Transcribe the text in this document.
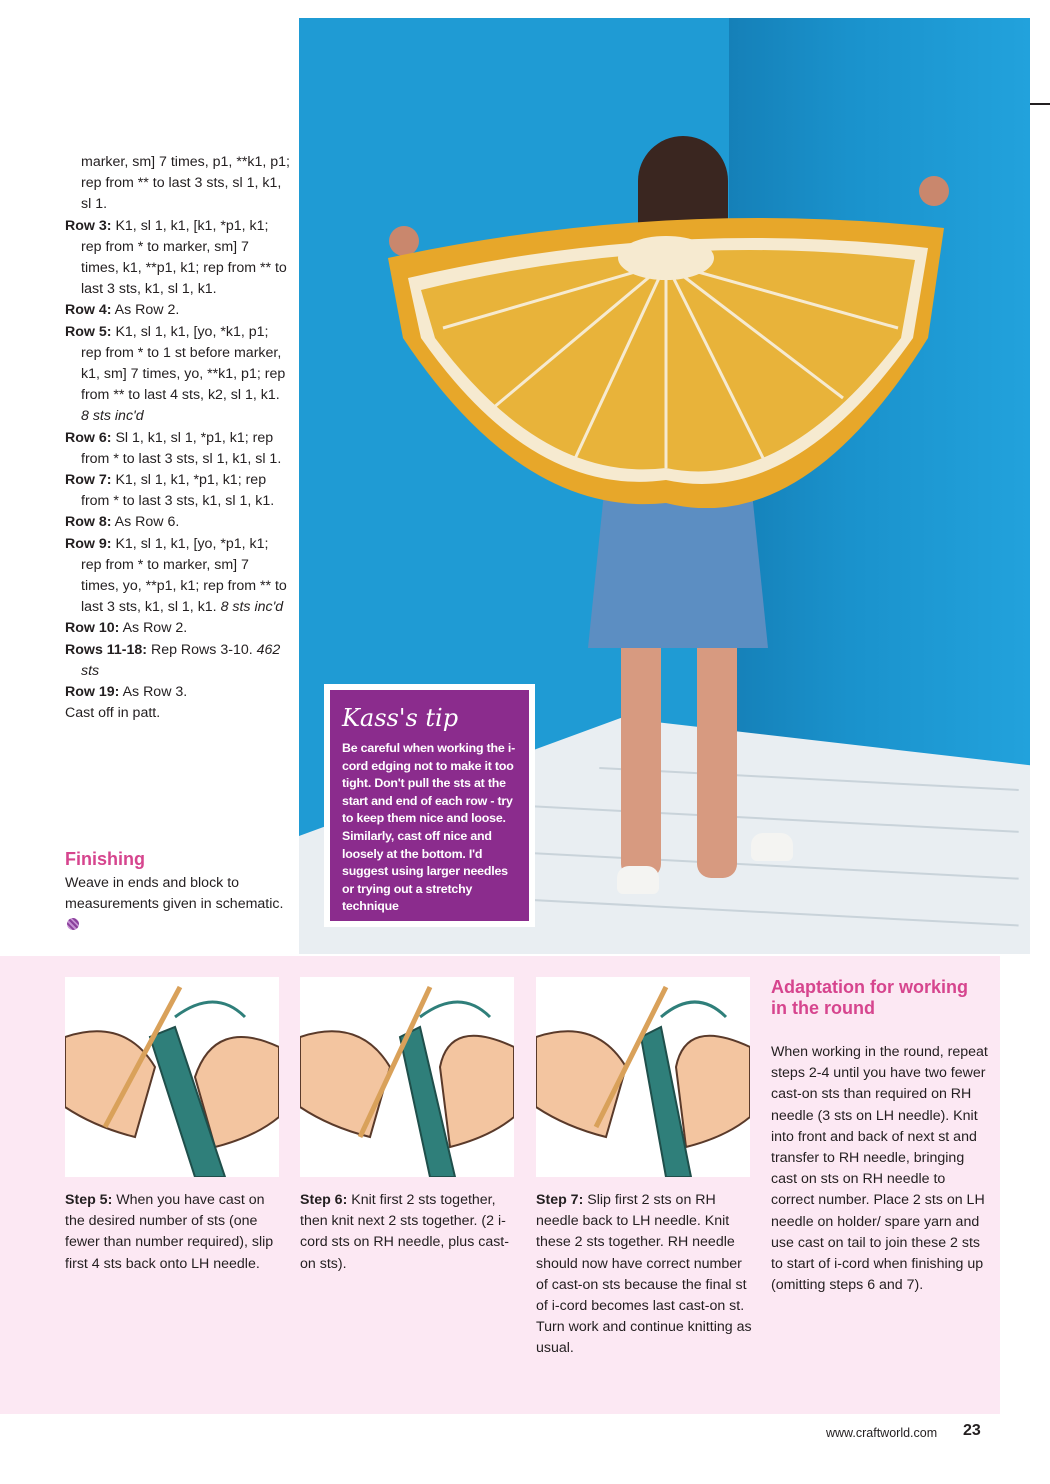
marker, sm] 7 times, p1, **k1, p1; rep from ** to last 3 sts, sl 1, k1, sl 1.
Row 3: K1, sl 1, k1, [k1, *p1, k1; rep from * to marker, sm] 7 times, k1, **p1, k1; rep from ** to last 3 sts, k1, sl 1, k1.
Row 4: As Row 2.
Row 5: K1, sl 1, k1, [yo, *k1, p1; rep from * to 1 st before marker, k1, sm] 7 times, yo, **k1, p1; rep from ** to last 4 sts, k2, sl 1, k1. 8 sts inc'd
Row 6: Sl 1, k1, sl 1, *p1, k1; rep from * to last 3 sts, sl 1, k1, sl 1.
Row 7: K1, sl 1, k1, *p1, k1; rep from * to last 3 sts, k1, sl 1, k1.
Row 8: As Row 6.
Row 9: K1, sl 1, k1, [yo, *p1, k1; rep from * to marker, sm] 7 times, yo, **p1, k1; rep from ** to last 3 sts, k1, sl 1, k1. 8 sts inc'd
Row 10: As Row 2.
Rows 11-18: Rep Rows 3-10. 462 sts
Row 19: As Row 3.
Cast off in patt.
Finishing
Weave in ends and block to measurements given in schematic.
Kass's tip
Be careful when working the i-cord edging not to make it too tight. Don't pull the sts at the start and end of each row - try to keep them nice and loose. Similarly, cast off nice and loosely at the bottom. I'd suggest using larger needles or trying out a stretchy technique
Step 5: When you have cast on the desired number of sts (one fewer than number required), slip first 4 sts back onto LH needle.
Step 6: Knit first 2 sts together, then knit next 2 sts together. (2 i-cord sts on RH needle, plus cast-on sts).
Step 7: Slip first 2 sts on RH needle back to LH needle. Knit these 2 sts together. RH needle should now have correct number of cast-on sts because the final st of i-cord becomes last cast-on st. Turn work and continue knitting as usual.
Adaptation for working in the round
When working in the round, repeat steps 2-4 until you have two fewer cast-on sts than required on RH needle (3 sts on LH needle). Knit into front and back of next st and transfer to RH needle, bringing cast on sts on RH needle to correct number. Place 2 sts on LH needle on holder/ spare yarn and use cast on tail to join these 2 sts to start of i-cord when finishing up (omitting steps 6 and 7).
www.craftworld.com 23
